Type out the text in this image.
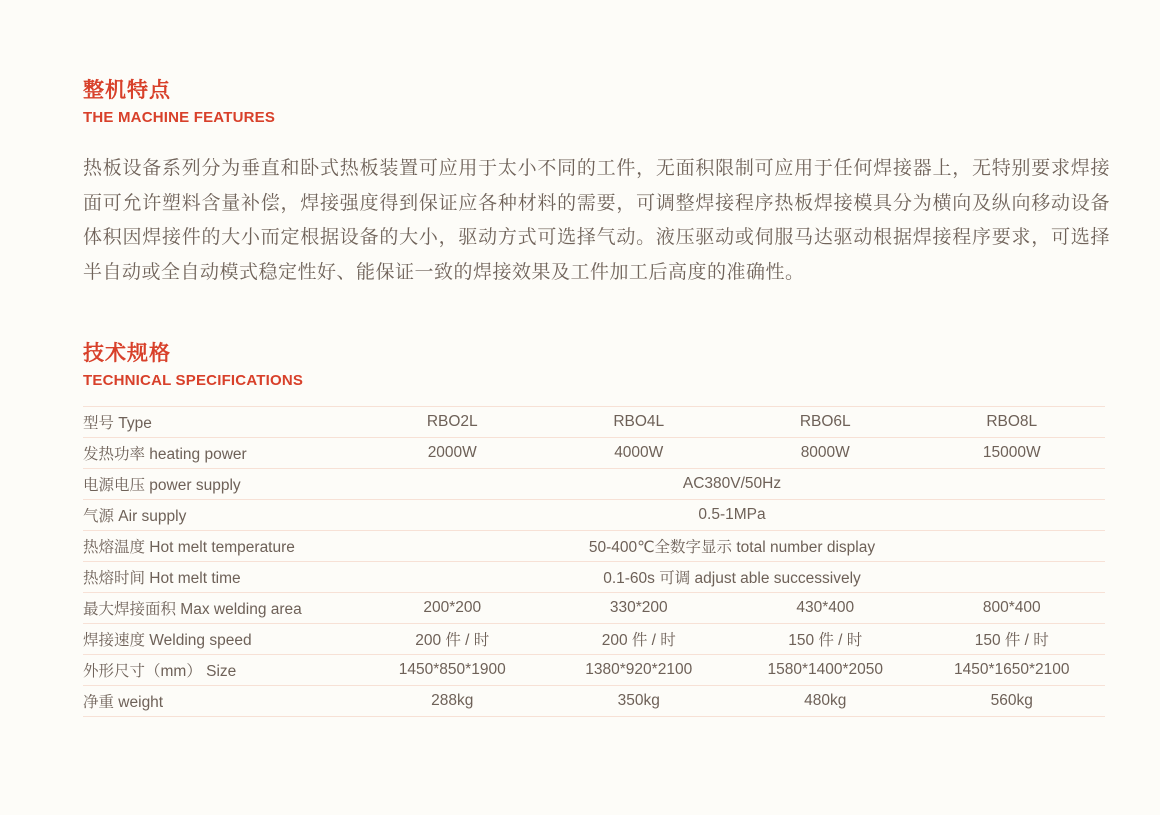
整机特点
THE MACHINE FEATURES

热板设备系列分为垂直和卧式热板装置可应用于太小不同的工件，无面积限制可应用于任何焊接器上，无特别要求焊接面可允许塑料含量补偿，焊接强度得到保证应各种材料的需要，可调整焊接程序热板焊接模具分为横向及纵向移动设备体积因焊接件的大小而定根据设备的大小，驱动方式可选择气动。液压驱动或伺服马达驱动根据焊接程序要求，可选择半自动或全自动模式稳定性好、能保证一致的焊接效果及工件加工后高度的准确性。

技术规格
TECHNICAL SPECIFICATIONS
型号 Type	RBO2L	RBO4L	RBO6L	RBO8L
发热功率 heating power	2000W	4000W	8000W	15000W
电源电压 power supply	AC380V/50Hz			
气源 Air supply	0.5-1MPa			
热熔温度 Hot melt temperature	50-400℃全数字显示 total number display			
热熔时间 Hot melt time	0.1-60s 可调 adjust able successively			
最大焊接面积 Max welding area	200*200	330*200	430*400	800*400
焊接速度 Welding speed	200 件 / 时	200 件 / 时	150 件 / 时	150 件 / 时
外形尺寸（mm） Size	1450*850*1900	1380*920*2100	1580*1400*2050	1450*1650*2100
净重 weight	288kg	350kg	480kg	560kg
